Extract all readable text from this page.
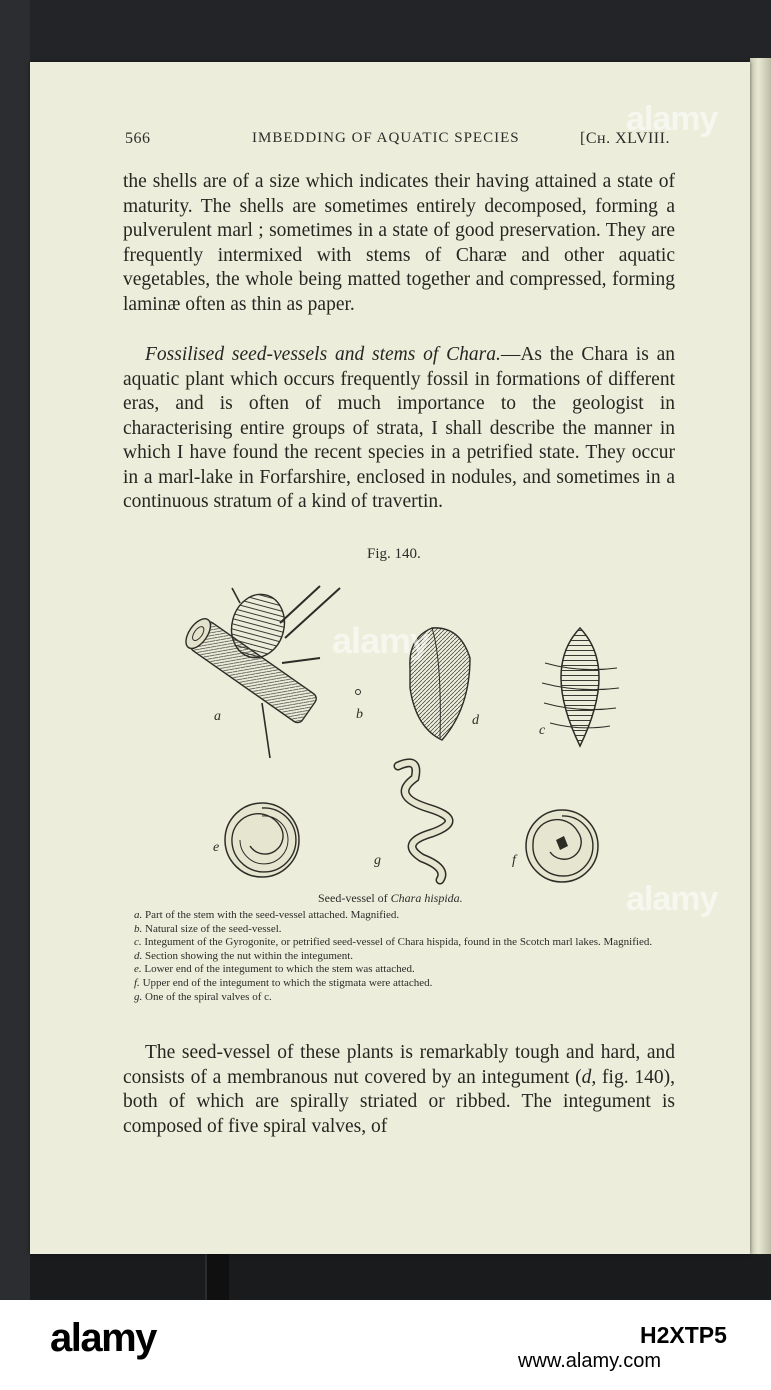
566	IMBEDDING OF AQUATIC SPECIES	[Cʜ. XLVIII.

the shells are of a size which indicates their having attained a state of maturity. The shells are sometimes entirely decomposed, forming a pulverulent marl ; sometimes in a state of good preservation. They are frequently intermixed with stems of Charæ and other aquatic vegetables, the whole being matted together and compressed, forming laminæ often as thin as paper.

Fossilised seed-vessels and stems of Chara.—As the Chara is an aquatic plant which occurs frequently fossil in formations of different eras, and is often of much importance to the geologist in characterising entire groups of strata, I shall describe the manner in which I have found the recent species in a petrified state. They occur in a marl-lake in Forfarshire, enclosed in nodules, and sometimes in a continuous stratum of a kind of travertin.

Fig. 140.
a	b	d
c
e
g	f
Seed-vessel of Chara hispida.
a. Part of the stem with the seed-vessel attached. Magnified.
b. Natural size of the seed-vessel.
c. Integument of the Gyrogonite, or petrified seed-vessel of Chara hispida, found in the Scotch marl lakes. Magnified.
d. Section showing the nut within the integument.
e. Lower end of the integument to which the stem was attached.
f. Upper end of the integument to which the stigmata were attached.
g. One of the spiral valves of c.

The seed-vessel of these plants is remarkably tough and hard, and consists of a membranous nut covered by an integument (d, fig. 140), both of which are spirally striated or ribbed. The integument is composed of five spiral valves, of

alamy
alamy
alamy
alamy	H2XTP5
www.alamy.com
